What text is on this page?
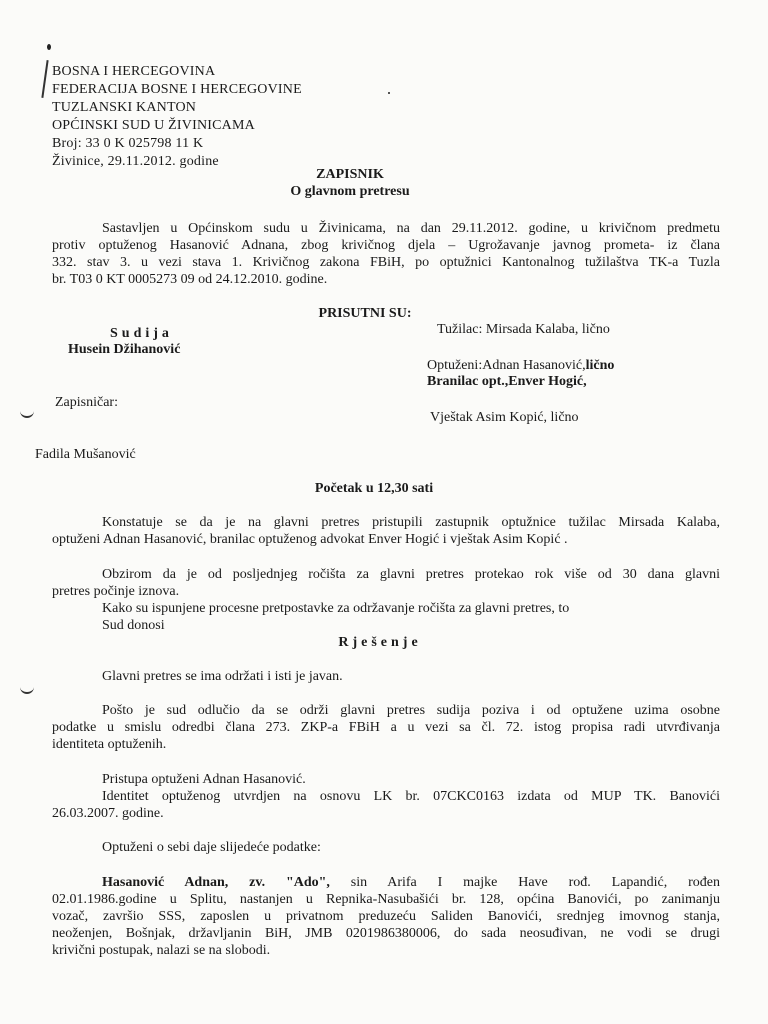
BOSNA I HERCEGOVINA
FEDERACIJA BOSNE I HERCEGOVINE
TUZLANSKI KANTON
OPĆINSKI SUD U ŽIVINICAMA
Broj: 33 0 K 025798 11 K
Živinice, 29.11.2012. godine
ZAPISNIK
O glavnom pretresu
Sastavljen u Općinskom sudu u Živinicama, na dan 29.11.2012. godine, u krivičnom predmetu
protiv optuženog Hasanović Adnana, zbog krivičnog djela – Ugrožavanje javnog prometa- iz člana
332. stav 3. u vezi stava 1. Krivičnog zakona FBiH, po optužnici Kantonalnog tužilaštva TK-a Tuzla
br. T03 0 KT 0005273 09 od 24.12.2010. godine.
PRISUTNI SU:
Sudija
Husein Džihanović
Tužilac: Mirsada Kalaba, lično
Optuženi:Adnan Hasanović,lično
Branilac opt.,Enver Hogić,
Zapisničar:
Vještak Asim Kopić, lično
Fadila Mušanović
Početak u 12,30 sati
Konstatuje se da je na glavni pretres pristupili zastupnik optužnice tužilac Mirsada Kalaba,
optuženi Adnan Hasanović, branilac optuženog advokat Enver Hogić i vještak Asim Kopić .
Obzirom da je od posljednjeg ročišta za glavni pretres protekao rok više od 30 dana glavni
pretres počinje iznova.
Kako su ispunjene procesne pretpostavke za održavanje ročišta za glavni pretres, to
Sud donosi
Rješenje
Glavni pretres se ima održati i isti je javan.
Pošto je sud odlučio da se održi glavni pretres sudija poziva i od optužene uzima osobne
podatke u smislu odredbi člana 273. ZKP-a FBiH a u vezi sa čl. 72. istog propisa radi utvrđivanja
identiteta optuženih.
Pristupa optuženi Adnan Hasanović.
Identitet optuženog utvrdjen na osnovu LK br. 07CKC0163 izdata od MUP TK. Banovići
26.03.2007. godine.
Optuženi o sebi daje slijedeće podatke:
Hasanović Adnan, zv. "Ado", sin Arifa I majke Have rođ. Lapandić, rođen
02.01.1986.godine u Splitu, nastanjen u Repnika-Nasubašići br. 128, općina Banovići, po zanimanju
vozač, završio SSS, zaposlen u privatnom preduzeću Saliden Banovići, srednjeg imovnog stanja,
neoženjen, Bošnjak, državljanin BiH, JMB 0201986380006, do sada neosuđivan, ne vodi se drugi
krivični postupak, nalazi se na slobodi.
